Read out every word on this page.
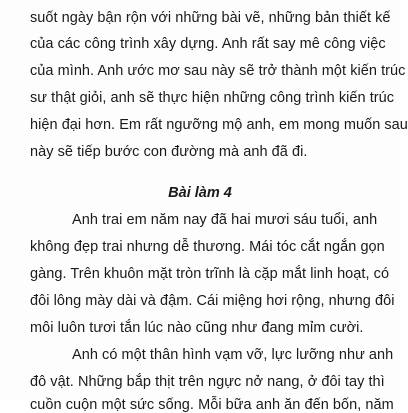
suốt ngày bận rộn với những bài vẽ, những bản thiết kế
của các công trình xây dựng. Anh rất say mê công việc
của mình. Anh ước mơ sau này sẽ trở thành một kiến trúc
sư thật giỏi, anh sẽ thực hiện những công trình kiến trúc
hiện đại hơn. Em rất ngưỡng mộ anh, em mong muốn sau
này sẽ tiếp bước con đường mà anh đã đi.
Bài làm 4
Anh trai em năm nay đã hai mươi sáu tuổi, anh
không đẹp trai nhưng dễ thương. Mái tóc cắt ngắn gọn
gàng. Trên khuôn mặt tròn trĩnh là cặp mắt linh hoạt, có
đôi lông mày dài và đậm. Cái miệng hơi rộng, nhưng đôi
môi luôn tươi tắn lúc nào cũng như đang mỉm cười.
Anh có một thân hình vạm vỡ, lực lưỡng như anh
đô vật. Những bắp thịt trên ngực nở nang, ở đôi tay thì
cuồn cuộn một sức sống. Mỗi bữa anh ăn đến bốn, năm
